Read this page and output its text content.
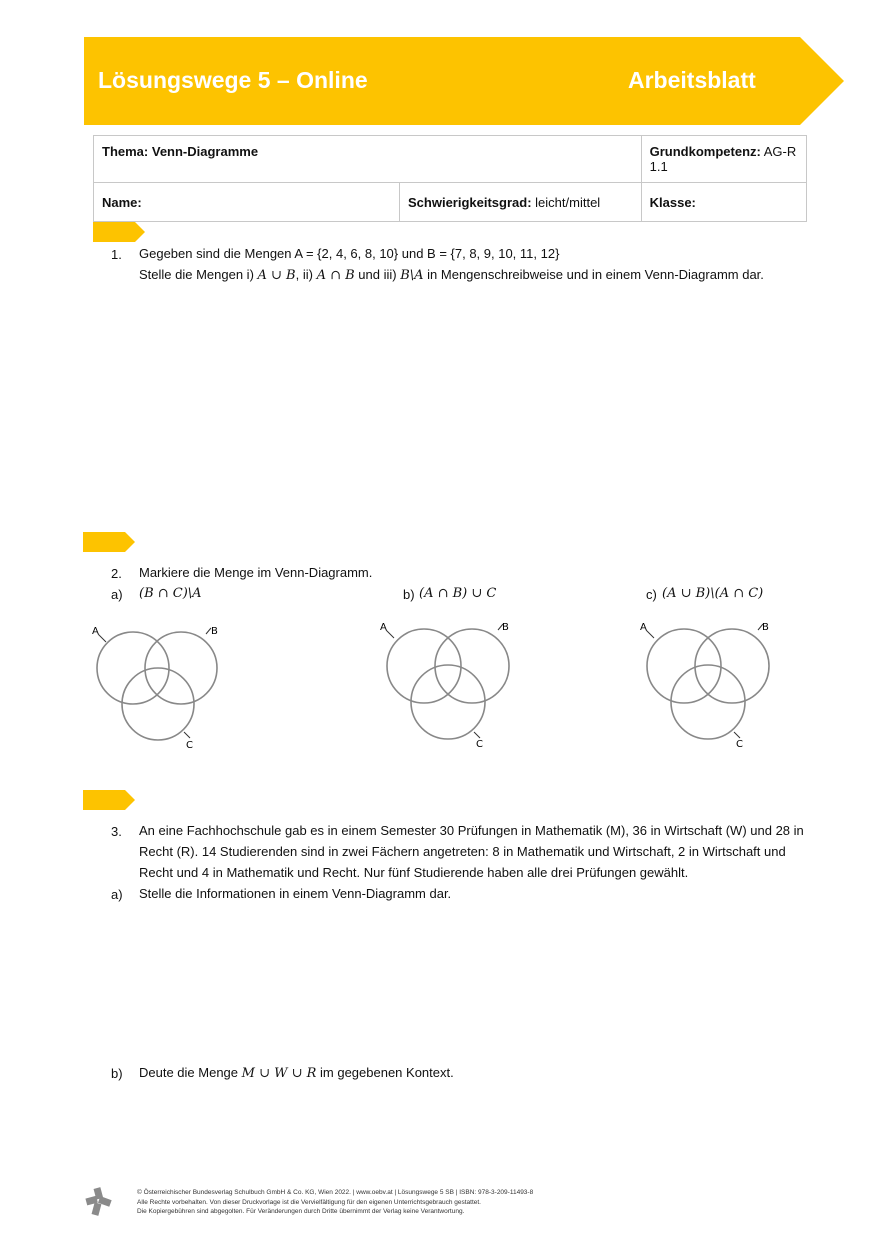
Lösungswege 5 – Online	Arbeitsblatt
Thema: Venn-Diagramme		Grundkompetenz: AG-R 1.1
Name:	Schwierigkeitsgrad: leicht/mittel	Klasse:
1. Gegeben sind die Mengen A = {2, 4, 6, 8, 10} und B = {7, 8, 9, 10, 11, 12}
Stelle die Mengen i) A ∪ B, ii) A ∩ B und iii) B\A in Mengenschreibweise und in einem Venn-Diagramm dar.
2. Markiere die Menge im Venn-Diagramm.
a) (B ∩ C)\A	b) (A ∩ B) ∪ C	c) (A ∪ B)\(A ∩ C)
A	B
C
A	B
C
A	B
C
3. An eine Fachhochschule gab es in einem Semester 30 Prüfungen in Mathematik (M), 36 in Wirtschaft (W) und 28 in
Recht (R). 14 Studierenden sind in zwei Fächern angetreten: 8 in Mathematik und Wirtschaft, 2 in Wirtschaft und
Recht und 4 in Mathematik und Recht. Nur fünf Studierende haben alle drei Prüfungen gewählt.
a) Stelle die Informationen in einem Venn-Diagramm dar.
b) Deute die Menge M ∪ W ∪ R im gegebenen Kontext.
© Österreichischer Bundesverlag Schulbuch GmbH & Co. KG, Wien 2022. | www.oebv.at | Lösungswege 5 SB | ISBN: 978-3-209-11493-8
Alle Rechte vorbehalten. Von dieser Druckvorlage ist die Vervielfältigung für den eigenen Unterrichtsgebrauch gestattet.
Die Kopiergebühren sind abgegolten. Für Veränderungen durch Dritte übernimmt der Verlag keine Verantwortung.
